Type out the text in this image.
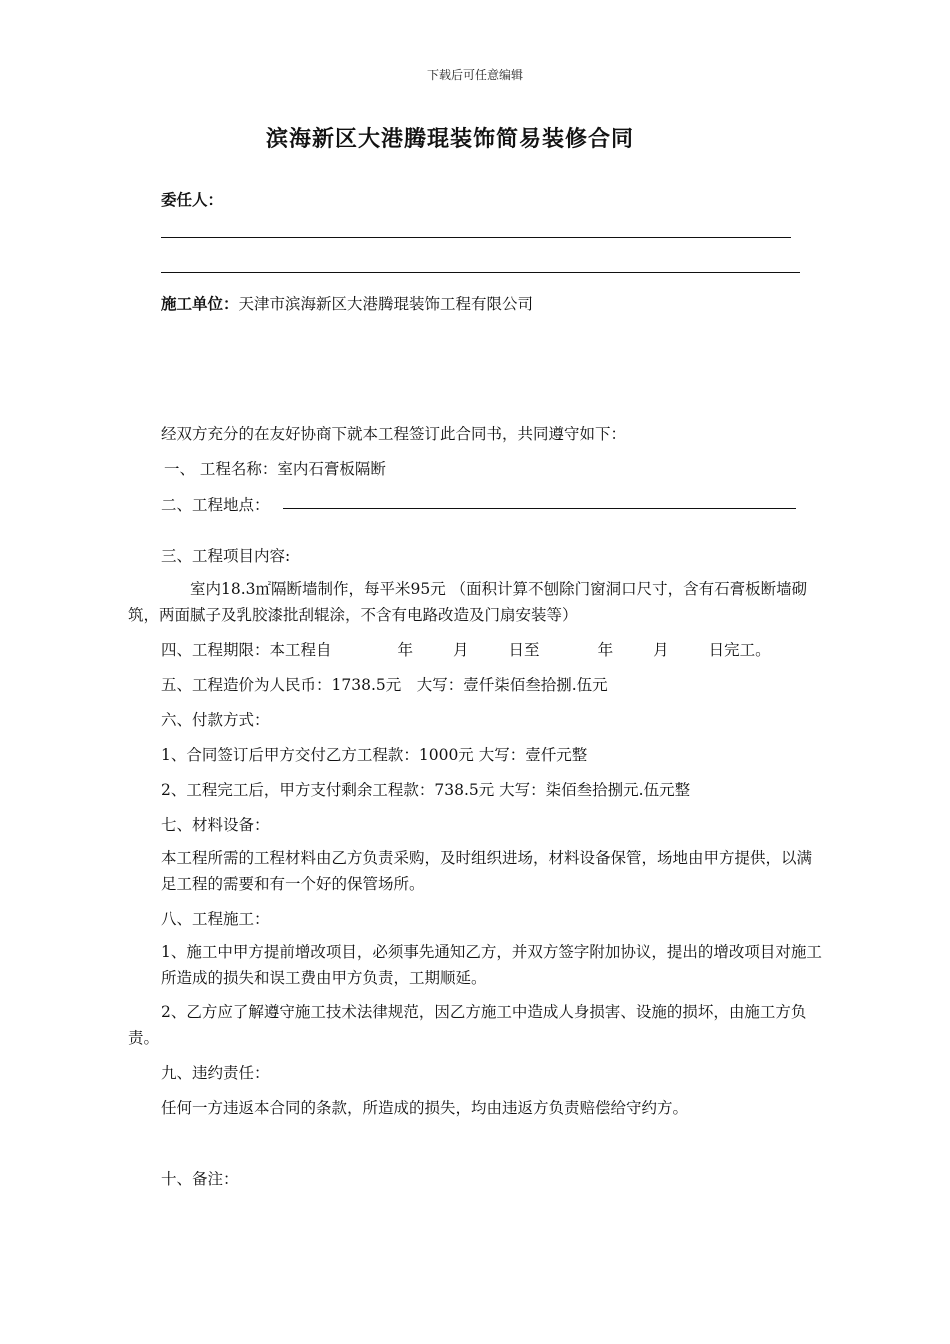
下载后可任意编辑
滨海新区大港腾琨装饰简易装修合同
委任人：
施工单位：天津市滨海新区大港腾琨装饰工程有限公司
经双方充分的在友好协商下就本工程签订此合同书，共同遵守如下：
一、 工程名称：室内石膏板隔断
二、工程地点：
三、工程项目内容:
室内18.3㎡隔断墙制作，每平米95元 （面积计算不刨除门窗洞口尺寸，含有石膏板断墙砌筑，两面腻子及乳胶漆批刮辊涂，不含有电路改造及门扇安装等）
四、工程期限：本工程自	年	月	日至	年	月	日完工。
五、工程造价为人民币：1738.5元　大写：壹仟柒佰叁拾捌.伍元
六、付款方式：
1、合同签订后甲方交付乙方工程款：1000元 大写：壹仟元整
2、工程完工后，甲方支付剩余工程款：738.5元 大写：柒佰叁拾捌元.伍元整
七、材料设备：
本工程所需的工程材料由乙方负责采购，及时组织进场，材料设备保管，场地由甲方提供，以满足工程的需要和有一个好的保管场所。
八、工程施工：
1、施工中甲方提前增改项目，必须事先通知乙方，并双方签字附加协议，提出的增改项目对施工所造成的损失和误工费由甲方负责，工期顺延。
2、乙方应了解遵守施工技术法律规范，因乙方施工中造成人身损害、设施的损坏，由施工方负责。
九、违约责任：
任何一方违返本合同的条款，所造成的损失，均由违返方负责赔偿给守约方。
十、备注：
